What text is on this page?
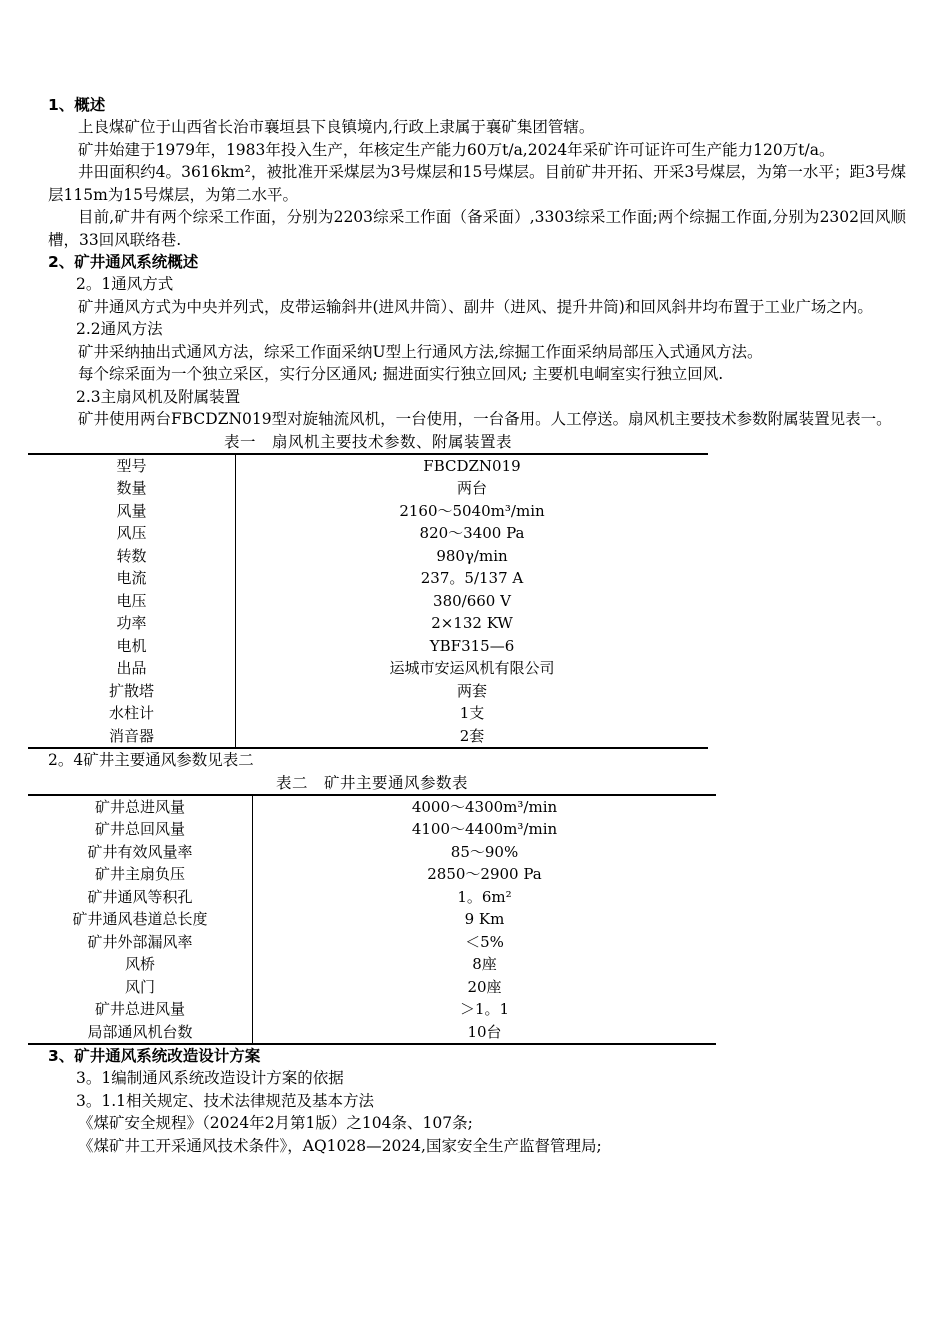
1、概述

上良煤矿位于山西省长治市襄垣县下良镇境内,行政上隶属于襄矿集团管辖。

矿井始建于1979年，1983年投入生产，年核定生产能力60万t/a,2024年采矿许可证许可生产能力120万t/a。

井田面积约4。3616km²，被批准开采煤层为3号煤层和15号煤层。目前矿井开拓、开采3号煤层，为第一水平；距3号煤层115m为15号煤层，为第二水平。

目前,矿井有两个综采工作面，分别为2203综采工作面（备采面）,3303综采工作面;两个综掘工作面,分别为2302回风顺槽，33回风联络巷.

2、矿井通风系统概述

2。1通风方式

矿井通风方式为中央并列式，皮带运输斜井(进风井筒）、副井（进风、提升井筒)和回风斜井均布置于工业广场之内。

2.2通风方法

矿井采纳抽出式通风方法，综采工作面采纳U型上行通风方法,综掘工作面采纳局部压入式通风方法。

每个综采面为一个独立采区，实行分区通风; 掘进面实行独立回风; 主要机电峒室实行独立回风.

2.3主扇风机及附属装置

矿井使用两台FBCDZN019型对旋轴流风机，一台使用，一台备用。人工停送。扇风机主要技术参数附属装置见表一。

表一　扇风机主要技术参数、附属装置表
型号	FBCDZN019
数量	两台
风量	2160～5040m³/min
风压	820～3400 Pa
转数	980γ/min
电流	237。5/137 A
电压	380/660 V
功率	2×132 KW
电机	YBF315—6
出品	运城市安运风机有限公司
扩散塔	两套
水柱计	1支
消音器	2套

2。4矿井主要通风参数见表二

表二　矿井主要通风参数表
矿井总进风量	4000～4300m³/min
矿井总回风量	4100～4400m³/min
矿井有效风量率	85～90%
矿井主扇负压	2850～2900 Pa
矿井通风等积孔	1。6m²
矿井通风巷道总长度	9 Km
矿井外部漏风率	＜5%
风桥	8座
风门	20座
矿井总进风量	＞1。1
局部通风机台数	10台
3、矿井通风系统改造设计方案

3。1编制通风系统改造设计方案的依据

3。1.1相关规定、技术法律规范及基本方法

《煤矿安全规程》（2024年2月第1版）之104条、107条;

《煤矿井工开采通风技术条件》，AQ1028—2024,国家安全生产监督管理局;
